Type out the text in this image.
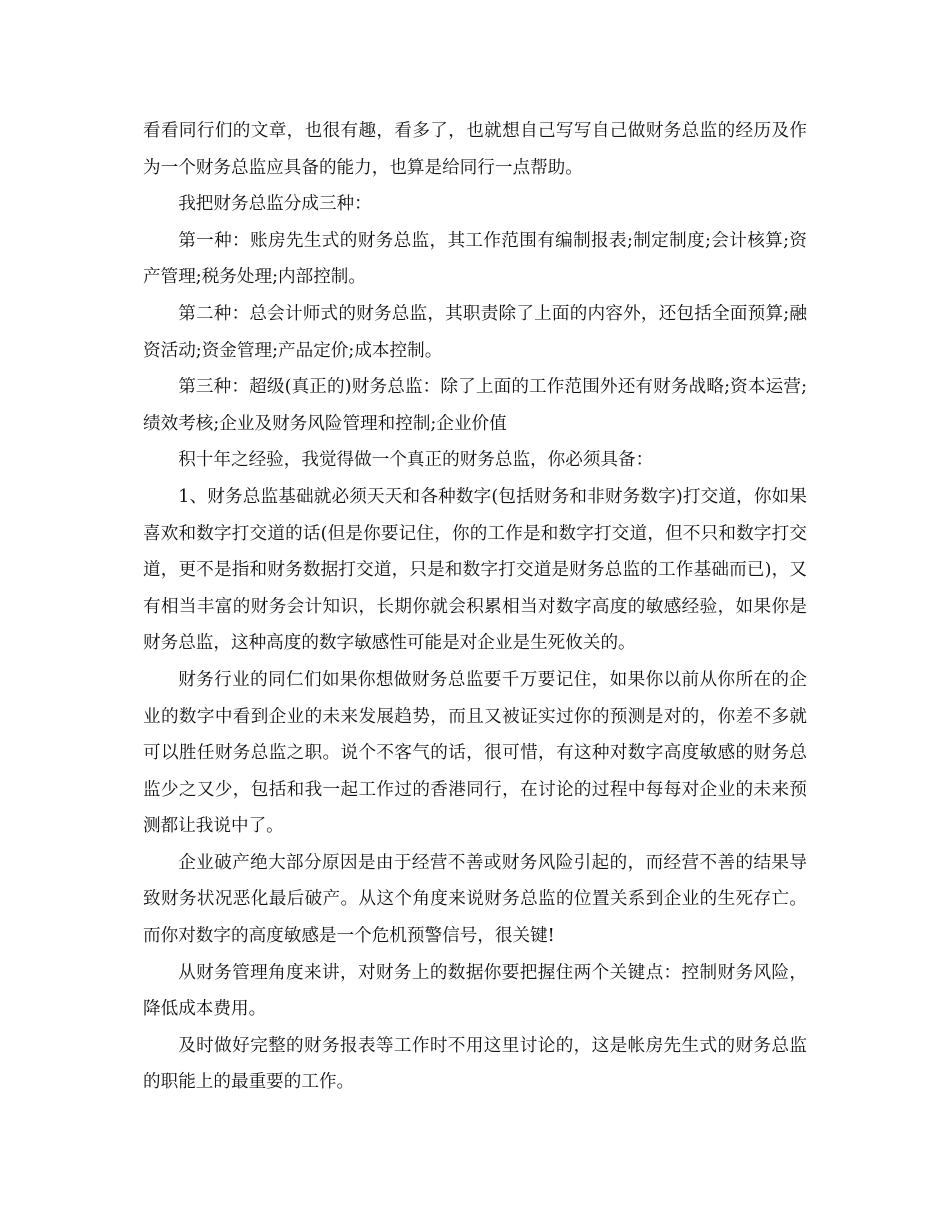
看看同行们的文章，也很有趣，看多了，也就想自己写写自己做财务总监的经历及作为一个财务总监应具备的能力，也算是给同行一点帮助。

我把财务总监分成三种：

第一种：账房先生式的财务总监，其工作范围有编制报表;制定制度;会计核算;资产管理;税务处理;内部控制。

第二种：总会计师式的财务总监，其职责除了上面的内容外，还包括全面预算;融资活动;资金管理;产品定价;成本控制。

第三种：超级(真正的)财务总监：除了上面的工作范围外还有财务战略;资本运营;绩效考核;企业及财务风险管理和控制;企业价值

积十年之经验，我觉得做一个真正的财务总监，你必须具备：

1、财务总监基础就必须天天和各种数字(包括财务和非财务数字)打交道，你如果喜欢和数字打交道的话(但是你要记住，你的工作是和数字打交道，但不只和数字打交道，更不是指和财务数据打交道，只是和数字打交道是财务总监的工作基础而已)，又有相当丰富的财务会计知识，长期你就会积累相当对数字高度的敏感经验，如果你是财务总监，这种高度的数字敏感性可能是对企业是生死攸关的。

财务行业的同仁们如果你想做财务总监要千万要记住，如果你以前从你所在的企业的数字中看到企业的未来发展趋势，而且又被证实过你的预测是对的，你差不多就可以胜任财务总监之职。说个不客气的话，很可惜，有这种对数字高度敏感的财务总监少之又少，包括和我一起工作过的香港同行，在讨论的过程中每每对企业的未来预测都让我说中了。

企业破产绝大部分原因是由于经营不善或财务风险引起的，而经营不善的结果导致财务状况恶化最后破产。从这个角度来说财务总监的位置关系到企业的生死存亡。而你对数字的高度敏感是一个危机预警信号，很关键!

从财务管理角度来讲，对财务上的数据你要把握住两个关键点：控制财务风险，降低成本费用。

及时做好完整的财务报表等工作时不用这里讨论的，这是帐房先生式的财务总监的职能上的最重要的工作。
